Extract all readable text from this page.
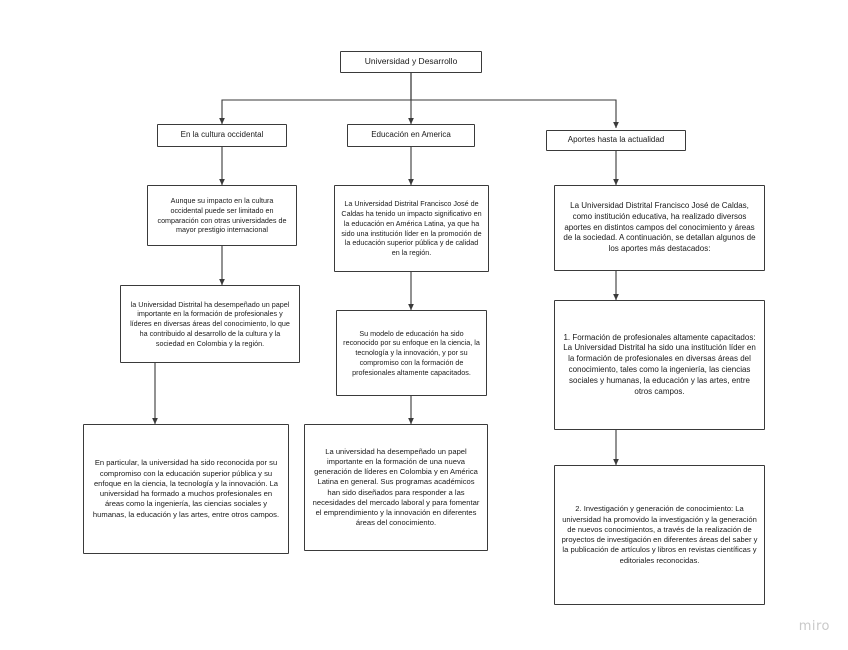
Universidad y Desarrollo
En la cultura occidental	Educación en America
Aportes hasta la actualidad
Aunque su impacto en la cultura occidental puede ser limitado en comparación con otras universidades de mayor prestigio internacional
la Universidad Distrital ha desempeñado un papel importante en la formación de profesionales y líderes en diversas áreas del conocimiento, lo que ha contribuido al desarrollo de la cultura y la sociedad en Colombia y la región.
En particular, la universidad ha sido reconocida por su compromiso con la educación superior pública y su enfoque en la ciencia, la tecnología y la innovación. La universidad ha formado a muchos profesionales en áreas como la ingeniería, las ciencias sociales y humanas, la educación y las artes, entre otros campos.
La Universidad Distrital Francisco José de Caldas ha tenido un impacto significativo en la educación en América Latina, ya que ha sido una institución líder en la promoción de la educación superior pública y de calidad en la región.
Su modelo de educación ha sido reconocido por su enfoque en la ciencia, la tecnología y la innovación, y por su compromiso con la formación de profesionales altamente capacitados.
La universidad ha desempeñado un papel importante en la formación de una nueva generación de líderes en Colombia y en América Latina en general. Sus programas académicos han sido diseñados para responder a las necesidades del mercado laboral y para fomentar el emprendimiento y la innovación en diferentes áreas del conocimiento.
La Universidad Distrital Francisco José de Caldas, como institución educativa, ha realizado diversos aportes en distintos campos del conocimiento y áreas de la sociedad. A continuación, se detallan algunos de los aportes más destacados:
1. Formación de profesionales altamente capacitados: La Universidad Distrital ha sido una institución líder en la formación de profesionales en diversas áreas del conocimiento, tales como la ingeniería, las ciencias sociales y humanas, la educación y las artes, entre otros campos.
2. Investigación y generación de conocimiento: La universidad ha promovido la investigación y la generación de nuevos conocimientos, a través de la realización de proyectos de investigación en diferentes áreas del saber y la publicación de artículos y libros en revistas científicas y editoriales reconocidas.
miro
